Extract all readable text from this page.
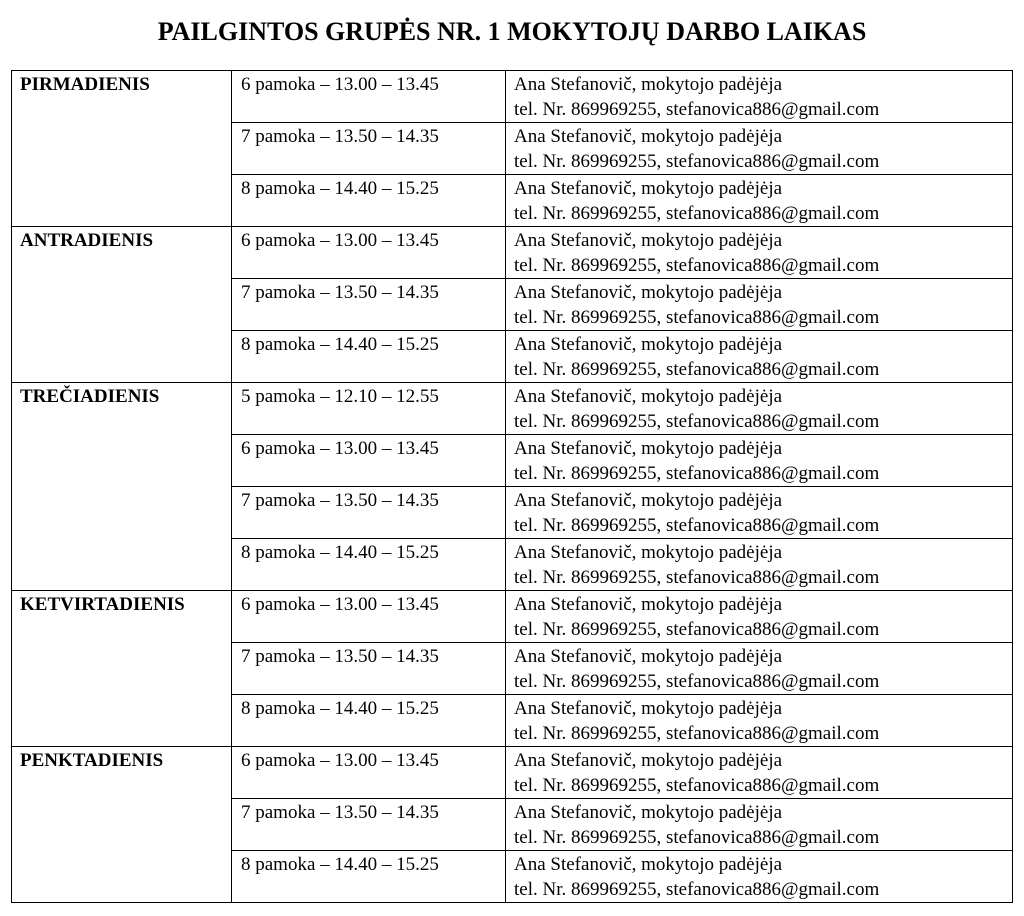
PAILGINTOS GRUPĖS NR. 1 MOKYTOJŲ DARBO LAIKAS
PIRMADIENIS	6 pamoka – 13.00 – 13.45	Ana Stefanovič, mokytojo padėjėja
tel. Nr. 869969255, stefanovica886@gmail.com

	7 pamoka – 13.50 – 14.35	Ana Stefanovič, mokytojo padėjėja
tel. Nr. 869969255, stefanovica886@gmail.com

	8 pamoka – 14.40 – 15.25	Ana Stefanovič, mokytojo padėjėja
tel. Nr. 869969255, stefanovica886@gmail.com

ANTRADIENIS	6 pamoka – 13.00 – 13.45	Ana Stefanovič, mokytojo padėjėja
tel. Nr. 869969255, stefanovica886@gmail.com

	7 pamoka – 13.50 – 14.35	Ana Stefanovič, mokytojo padėjėja
tel. Nr. 869969255, stefanovica886@gmail.com

	8 pamoka – 14.40 – 15.25	Ana Stefanovič, mokytojo padėjėja
tel. Nr. 869969255, stefanovica886@gmail.com

TREČIADIENIS	5 pamoka – 12.10 – 12.55	Ana Stefanovič, mokytojo padėjėja
tel. Nr. 869969255, stefanovica886@gmail.com

	6 pamoka – 13.00 – 13.45	Ana Stefanovič, mokytojo padėjėja
tel. Nr. 869969255, stefanovica886@gmail.com

	7 pamoka – 13.50 – 14.35	Ana Stefanovič, mokytojo padėjėja
tel. Nr. 869969255, stefanovica886@gmail.com

	8 pamoka – 14.40 – 15.25	Ana Stefanovič, mokytojo padėjėja
tel. Nr. 869969255, stefanovica886@gmail.com

KETVIRTADIENIS	6 pamoka – 13.00 – 13.45	Ana Stefanovič, mokytojo padėjėja
tel. Nr. 869969255, stefanovica886@gmail.com

	7 pamoka – 13.50 – 14.35	Ana Stefanovič, mokytojo padėjėja
tel. Nr. 869969255, stefanovica886@gmail.com

	8 pamoka – 14.40 – 15.25	Ana Stefanovič, mokytojo padėjėja
tel. Nr. 869969255, stefanovica886@gmail.com

PENKTADIENIS	6 pamoka – 13.00 – 13.45	Ana Stefanovič, mokytojo padėjėja
tel. Nr. 869969255, stefanovica886@gmail.com

	7 pamoka – 13.50 – 14.35	Ana Stefanovič, mokytojo padėjėja
tel. Nr. 869969255, stefanovica886@gmail.com

	8 pamoka – 14.40 – 15.25	Ana Stefanovič, mokytojo padėjėja
tel. Nr. 869969255, stefanovica886@gmail.com
